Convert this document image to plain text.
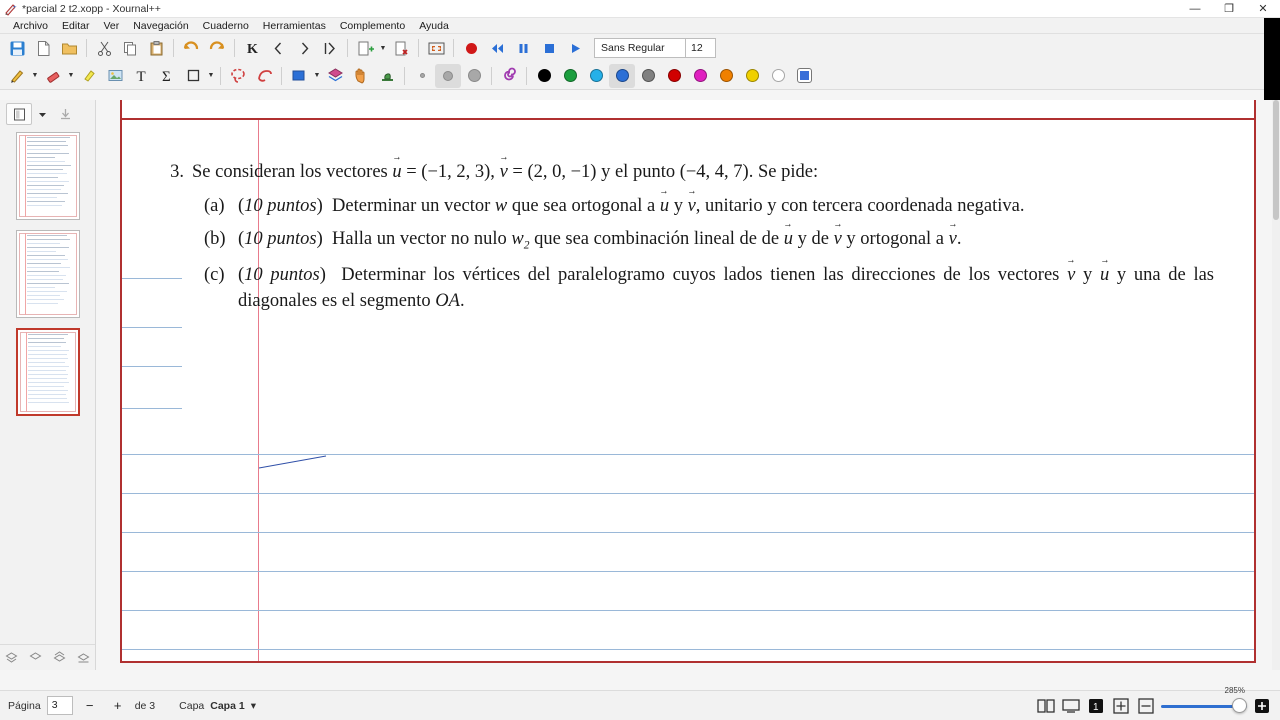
+ *parcial 2 t2.xopp - Xournal++	—	❐	✕
Archivo	Editar	Ver	Navegación	Cuaderno	Herramientas	Complemento	Ayuda
K	▼	Sans Regular	12
▼	▼	T Σ	▼	▼
3. Se consideran los vectores u → = (−1, 2, 3), v → = (2, 0, −1) y el punto (−4, 4, 7). Se pide:
(a) (10 puntos)  Determinar un vector w que sea ortogonal a u → y v →, unitario y con tercera coordenada negativa.
(b) (10 puntos)  Halla un vector no nulo $w_2$ que sea combinación lineal de de u → y de v → y ortogonal a v →.
(c) (10 puntos)  Determinar los vértices del paralelogramo cuyos lados tienen las direcciones de los vectores v → y u → y una de las diagonales es el segmento OA.
Página	3	−	+	de 3 Capa Capa 1 ▾	1
285%
